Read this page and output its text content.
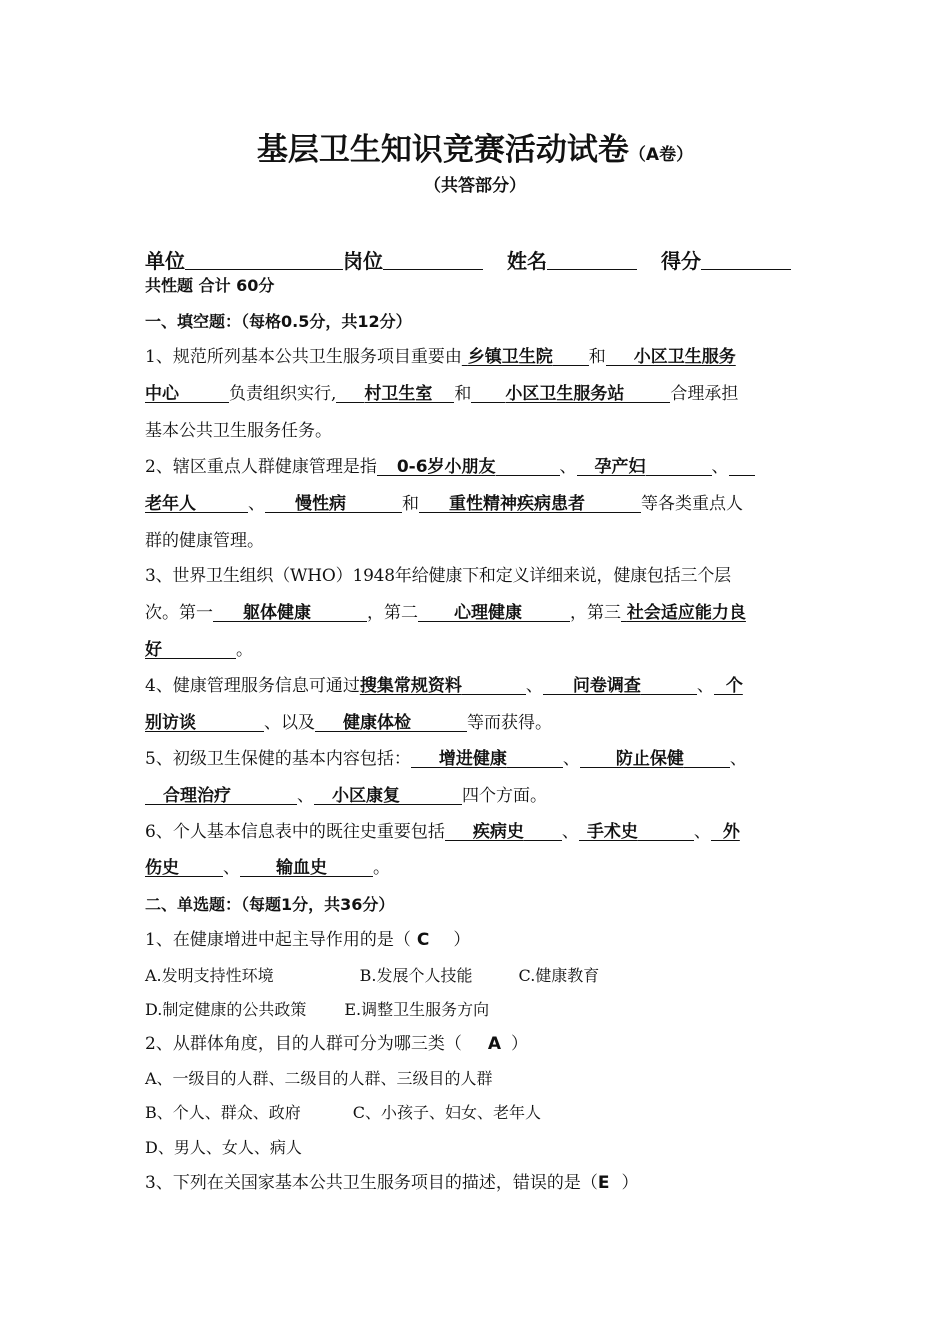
基层卫生知识竞赛活动试卷（A卷）
（共答部分）
单位	岗位	姓名	得分
共性题 合计 60分
一、填空题：（每格0.5分，共12分）
1、规范所列基本公共卫生服务项目重要由 乡镇卫生院 和 小区卫生服务
中心	负责组织实行, 村卫生室 和 小区卫生服务站	合理承担
基本公共卫生服务任务。
2、辖区重点人群健康管理是指 0-6岁小朋友	、 孕产妇	、
老年人	、 慢性病	和 重性精神疾病患者	等各类重点人
群的健康管理。
3、世界卫生组织（WHO）1948年给健康下和定义详细来说，健康包括三个层
次。第一 躯体健康	，第二 心理健康	，第三 社会适应能力良
好	。
4、健康管理服务信息可通过搜集常规资料	、 问卷调查	、 个
别访谈	、以及 健康体检	等而获得。
5、初级卫生保健的基本内容包括： 增进健康	、 防止保健	、
合理治疗	、 小区康复	四个方面。
6、个人基本信息表中的既往史重要包括 疾病史 、 手术史	、 外
伤史	、 输血史	。
二、单选题：（每题1分，共36分）
1、在健康增进中起主导作用的是（ C ）
A.发明支持性环境	B.发展个人技能	C.健康教育
D.制定健康的公共政策 E.调整卫生服务方向
2、从群体角度，目的人群可分为哪三类（ A ）
A、一级目的人群、二级目的人群、三级目的人群
B、个人、群众、政府	C、小孩子、妇女、老年人
D、男人、女人、病人
3、下列在关国家基本公共卫生服务项目的描述，错误的是（E ）
